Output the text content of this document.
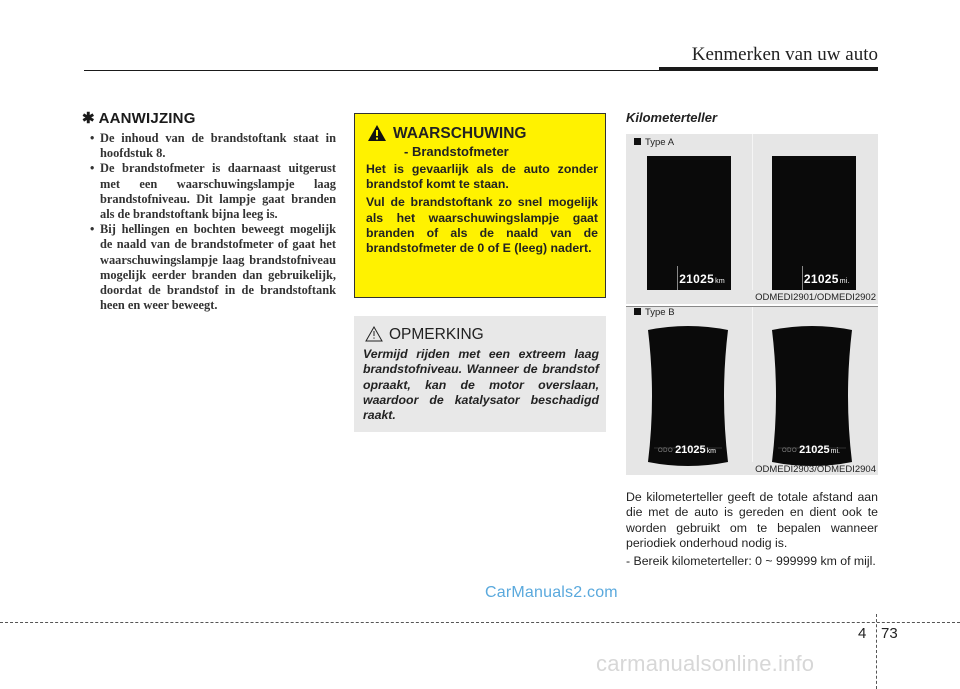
Kenmerken van uw auto
✱ AANWIJZING
• De inhoud van de brandstoftank staat in hoofdstuk 8.
• De brandstofmeter is daarnaast uitgerust met een waarschuwingslampje laag brandstofniveau. Dit lampje gaat branden als de brandstoftank bijna leeg is.
• Bij hellingen en bochten beweegt mogelijk de naald van de brandstofmeter of gaat het waarschuwingslampje laag brandstofniveau mogelijk eerder branden dan gebruikelijk, doordat de brandstof in de brandstoftank heen en weer beweegt.
WAARSCHUWING
- Brandstofmeter

Het is gevaarlijk als de auto zonder brandstof komt te staan.

Vul de brandstoftank zo snel mogelijk als het waarschuwingslampje gaat branden of als de naald van de brandstofmeter de 0 of E (leeg) nadert.

OPMERKING
Vermijd rijden met een extreem laag brandstofniveau. Wanneer de brandstof opraakt, kan de motor overslaan, waardoor de katalysator beschadigd raakt.
Kilometerteller
Type A
21025km	21025mi.
ODMEDI2901/ODMEDI2902
Type B
ODO 21025km	ODO 21025mi.
ODMEDI2903/ODMEDI2904

De kilometerteller geeft de totale afstand aan die met de auto is gereden en dient ook te worden gebruikt om te bepalen wanneer periodiek onderhoud nodig is.

- Bereik kilometerteller: 0 ~ 999999 km of mijl.

CarManuals2.com
4 73
carmanualsonline.info
